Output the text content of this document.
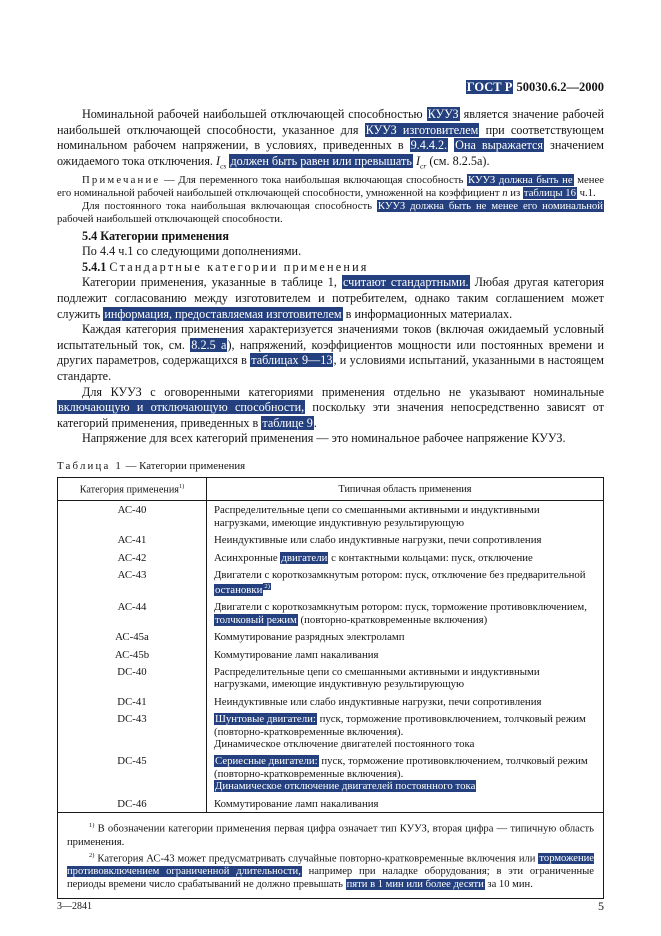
ГОСТ Р 50030.6.2—2000

Номинальной рабочей наибольшей отключающей способностью КУУЗ является значение рабочей наибольшей отключающей способности, указанное для КУУЗ изготовителем при соответствующем номинальном рабочем напряжении, в условиях, приведенных в 9.4.4.2. Она выражается значением ожидаемого тока отключения. $I_{cs}$ должен быть равен или превышать $I_{cr}$ (см. 8.2.5а).

Примечание — Для переменного тока наибольшая включающая способность КУУЗ должна быть не менее его номинальной рабочей наибольшей отключающей способности, умноженной на коэффициент n из таблицы 16 ч.1.

Для постоянного тока наибольшая включающая способность КУУЗ должна быть не менее его номинальной рабочей наибольшей отключающей способности.

5.4 Категории применения

По 4.4 ч.1 со следующими дополнениями.

5.4.1 Стандартные категории применения

Категории применения, указанные в таблице 1, считают стандартными. Любая другая категория подлежит согласованию между изготовителем и потребителем, однако таким соглашением может служить информация, предоставляемая изготовителем в информационных материалах.

Каждая категория применения характеризуется значениями токов (включая ожидаемый условный испытательный ток, см. 8.2.5 а), напряжений, коэффициентов мощности или постоянных времени и других параметров, содержащихся в таблицах 9—13, и условиями испытаний, указанными в настоящем стандарте.

Для КУУЗ с оговоренными категориями применения отдельно не указывают номинальные включающую и отключающую способности, поскольку эти значения непосредственно зависят от категорий применения, приведенных в таблице 9.

Напряжение для всех категорий применения — это номинальное рабочее напряжение КУУЗ.

Таблица 1 — Категории применения
Категория применения$^{1)}$	Типичная область применения
АС-40	Распределительные цепи со смешанными активными и индуктивными нагрузками, имеющие индуктивную результирующую
АС-41	Неиндуктивные или слабо индуктивные нагрузки, печи сопротивления
АС-42	Асинхронные двигатели с контактными кольцами: пуск, отключение
АС-43	Двигатели с короткозамкнутым ротором: пуск, отключение без предварительной остановки $^{2)}$
АС-44	Двигатели с короткозамкнутым ротором: пуск, торможение противовключением, толчковый режим (повторно-кратковременные включения)
АС-45a	Коммутирование разрядных электроламп
АС-45b	Коммутирование ламп накаливания
DC-40	Распределительные цепи со смешанными активными и индуктивными нагрузками, имеющие индуктивную результирующую
DC-41	Неиндуктивные или слабо индуктивные нагрузки, печи сопротивления
DC-43	Шунтовые двигатели: пуск, торможение противовключением, толчковый режим (повторно-кратковременные включения).
Динамическое отключение двигателей постоянного тока
DC-45	Сериесные двигатели: пуск, торможение противовключением, толчковый режим (повторно-кратковременные включения).
Динамическое отключение двигателей постоянного тока
DC-46	Коммутирование ламп накаливания

$^{1)}$ В обозначении категории применения первая цифра означает тип КУУЗ, вторая цифра — типичную область применения.

$^{2)}$ Категория АС-43 может предусматривать случайные повторно-кратковременные включения или торможение противовключением ограниченной длительности, например при наладке оборудования; в эти ограниченные периоды времени число срабатываний не должно превышать пяти в 1 мин или более десяти за 10 мин.	

3—2841	5
